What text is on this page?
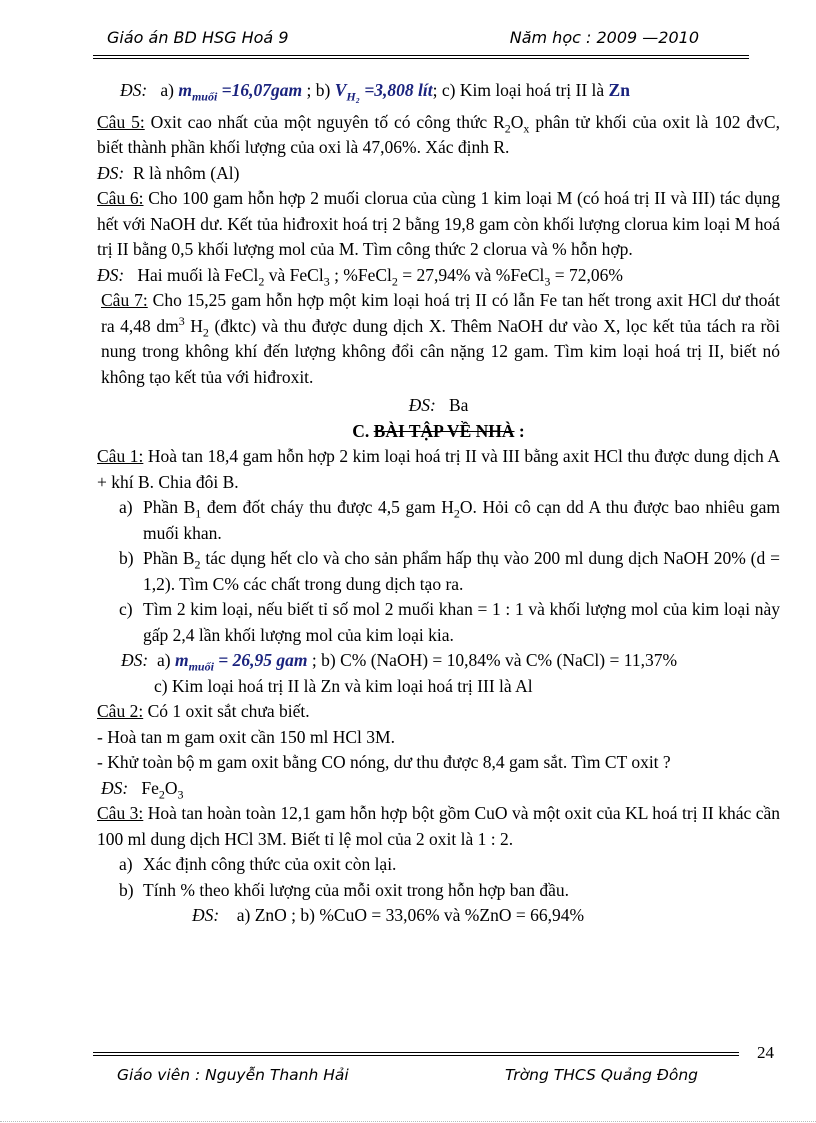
Giáo án BD HSG Hoá 9	Năm học : 2009 —2010

ĐS: a) $m_{muối} =16,07gam$ ; b) $V_{H_2} =3,808$ lít; c) Kim loại hoá trị II là Zn

Câu 5: Oxit cao nhất của một nguyên tố có công thức $R_2O_x$ phân tử khối của oxit là 102 đvC, biết thành phần khối lượng của oxi là 47,06%. Xác định R.

ĐS: R là nhôm (Al)

Câu 6: Cho 100 gam hỗn hợp 2 muối clorua của cùng 1 kim loại M (có hoá trị II và III) tác dụng hết với NaOH dư. Kết tủa hiđroxit hoá trị 2 bằng 19,8 gam còn khối lượng clorua kim loại M hoá trị II bằng 0,5 khối lượng mol của M. Tìm công thức 2 clorua và % hỗn hợp.

ĐS: Hai muối là FeCl$_2$ và FeCl$_3$ ; %FeCl$_2$ = 27,94% và %FeCl$_3$ = 72,06%

Câu 7: Cho 15,25 gam hỗn hợp một kim loại hoá trị II có lẫn Fe tan hết trong axit HCl dư thoát ra 4,48 $dm^3$ $H_2$ (đktc) và thu được dung dịch X. Thêm NaOH dư vào X, lọc kết tủa tách ra rồi nung trong không khí đến lượng không đổi cân nặng 12 gam. Tìm kim loại hoá trị II, biết nó không tạo kết tủa với hiđroxit.

ĐS: Ba

C. BÀI TẬP VỀ NHÀ :

Câu 1: Hoà tan 18,4 gam hỗn hợp 2 kim loại hoá trị II và III bằng axit HCl thu được dung dịch A + khí B. Chia đôi B.

a) Phần $B_1$ đem đốt cháy thu được 4,5 gam $H_2O$. Hỏi cô cạn dd A thu được bao nhiêu gam muối khan.

b) Phần $B_2$ tác dụng hết clo và cho sản phẩm hấp thụ vào 200 ml dung dịch NaOH 20% (d = 1,2). Tìm C% các chất trong dung dịch tạo ra.

c) Tìm 2 kim loại, nếu biết tỉ số mol 2 muối khan = 1 : 1 và khối lượng mol của kim loại này gấp 2,4 lần khối lượng mol của kim loại kia.

ĐS: a) $m_{muối} = 26,95$ gam ; b) C% (NaOH) = 10,84% và C% (NaCl) = 11,37%

c) Kim loại hoá trị II là Zn và kim loại hoá trị III là Al

Câu 2: Có 1 oxit sắt chưa biết.

- Hoà tan m gam oxit cần 150 ml HCl 3M.

- Khử toàn bộ m gam oxit bằng CO nóng, dư thu được 8,4 gam sắt. Tìm CT oxit ?

ĐS: $Fe_2O_3$

Câu 3: Hoà tan hoàn toàn 12,1 gam hỗn hợp bột gồm CuO và một oxit của KL hoá trị II khác cần 100 ml dung dịch HCl 3M. Biết tỉ lệ mol của 2 oxit là 1 : 2.

a) Xác định công thức của oxit còn lại.

b) Tính % theo khối lượng của mỗi oxit trong hỗn hợp ban đầu.

ĐS: a) ZnO ; b) %CuO = 33,06% và %ZnO = 66,94%

24
Giáo viên : Nguyễn Thanh Hải	Trờng THCS Quảng Đông
